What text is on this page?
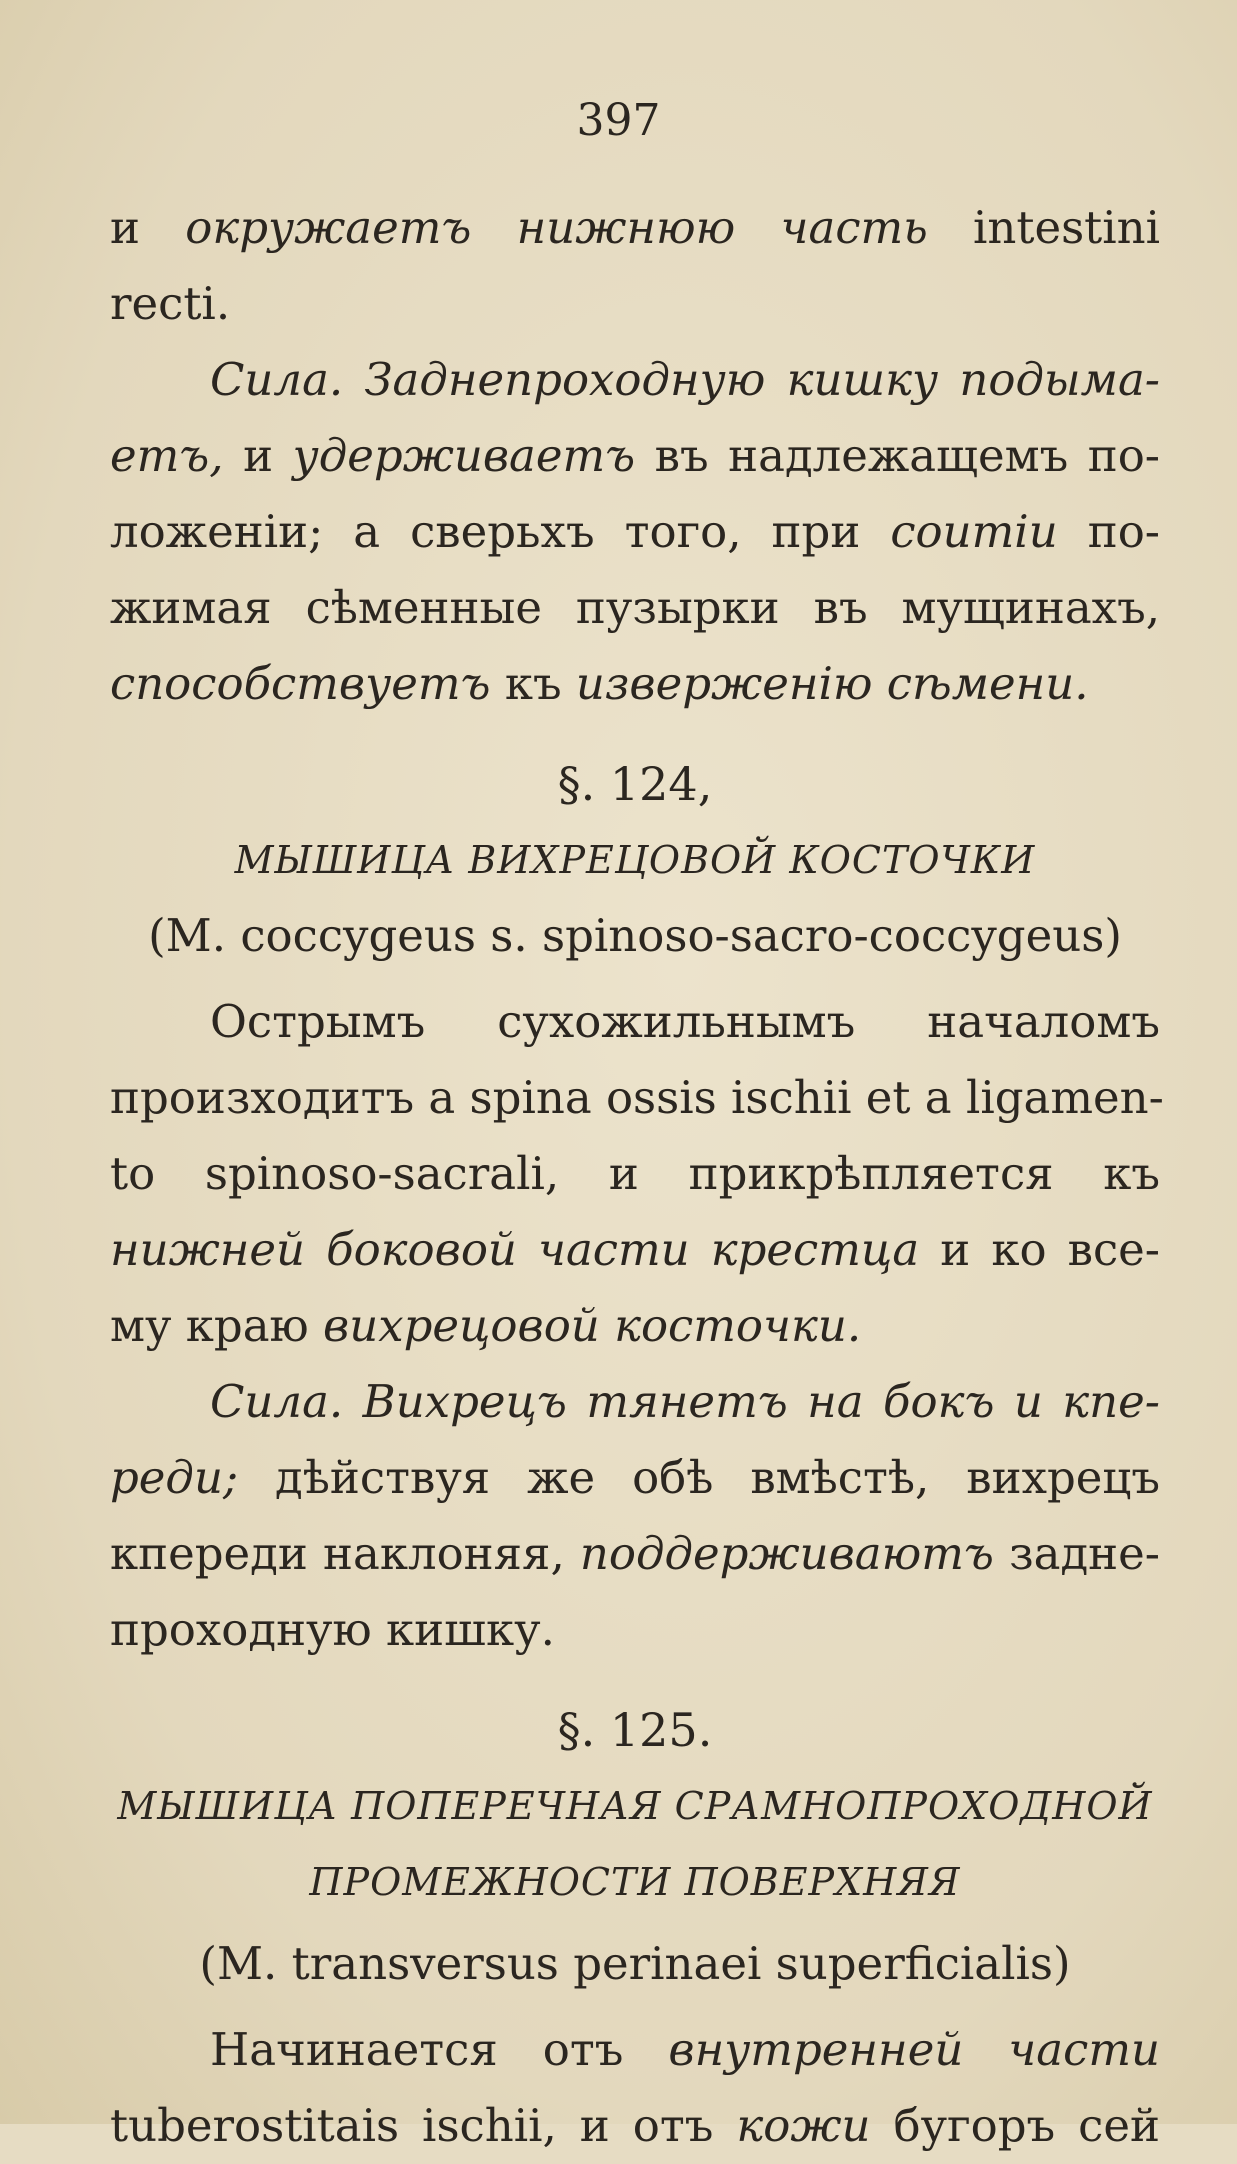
397
и окружаетъ нижнюю часть intestini
recti.
Сила. Заднепроходную кишку подыма-
етъ, и удерживаетъ въ надлежащемъ по-
ложенiи; а сверьхъ того, при соитiи по-
жимая сѣменные пузырки въ мущинахъ,
способствуетъ къ изверженiю сѣмени.
§. 124,
МЫШИЦА ВИХРЕЦОВОЙ КОСТОЧКИ
(M. coccygeus s. spinoso-sacro-coccygeus)
Острымъ сухожильнымъ началомъ
произходитъ a spina ossis ischii et a ligamen-
to spinoso-sacrali, и прикрѣпляется къ
нижней боковой части крестца и ко все-
му краю вихрецовой косточки.
Сила. Вихрецъ тянетъ на бокъ и кпе-
реди; дѣйствуя же обѣ вмѣстѣ, вихрецъ
кпереди наклоняя, поддерживаютъ задне-
проходную кишку.
§. 125.
МЫШИЦА ПОПЕРЕЧНАЯ СРАМНОПРОХОДНОЙ
ПРОМЕЖНОСТИ ПОВЕРХНЯЯ
(M. transversus perinaei superficialis)
Начинается отъ внутренней части
tuberostitais ischii, и отъ кожи бугоръ сей
